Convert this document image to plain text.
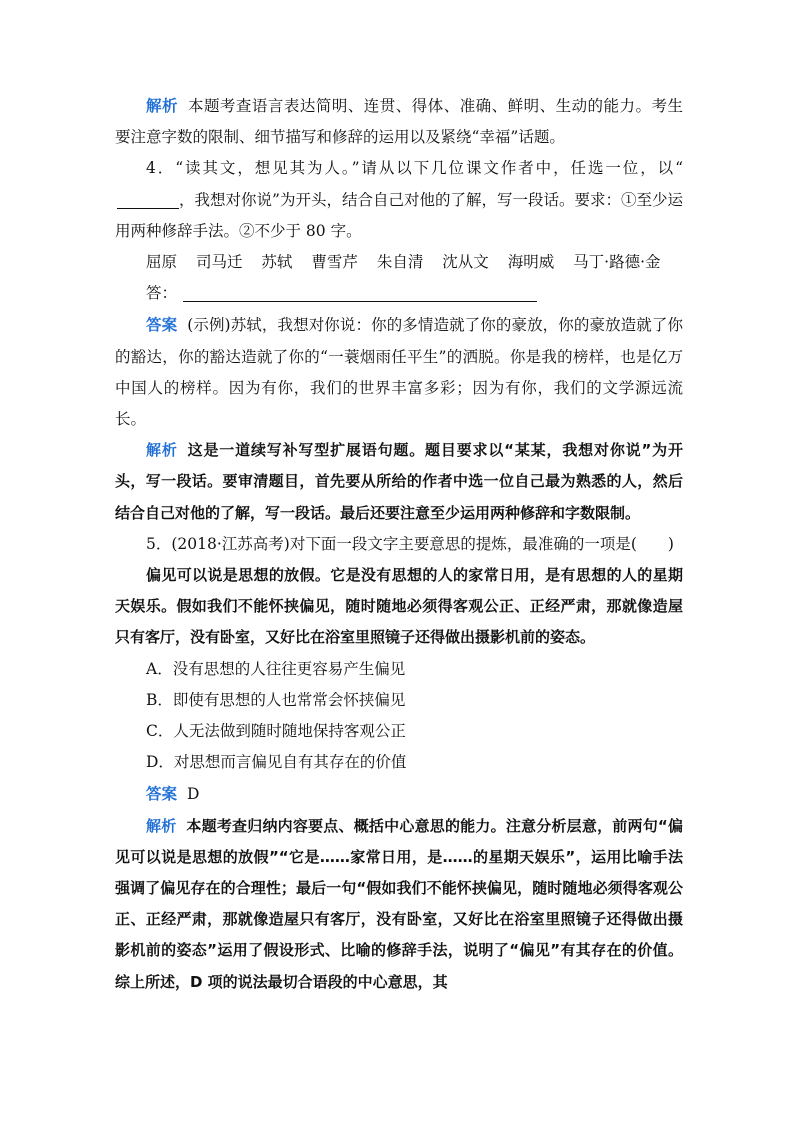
解析 本题考查语言表达简明、连贯、得体、准确、鲜明、生动的能力。考生要注意字数的限制、细节描写和修辞的运用以及紧绕“幸福”话题。

4．“读其文，想见其为人。”请从以下几位课文作者中，任选一位，以“，我想对你说”为开头，结合自己对他的了解，写一段话。要求：①至少运用两种修辞手法。②不少于 80 字。

屈原 司马迁 苏轼 曹雪芹 朱自清 沈从文 海明威 马丁·路德·金

答：

答案 (示例)苏轼，我想对你说：你的多情造就了你的豪放，你的豪放造就了你的豁达，你的豁达造就了你的“一蓑烟雨任平生”的洒脱。你是我的榜样，也是亿万中国人的榜样。因为有你，我们的世界丰富多彩；因为有你，我们的文学源远流长。

解析 这是一道续写补写型扩展语句题。题目要求以“某某，我想对你说”为开头，写一段话。要审清题目，首先要从所给的作者中选一位自己最为熟悉的人，然后结合自己对他的了解，写一段话。最后还要注意至少运用两种修辞和字数限制。

5．(2018·江苏高考)对下面一段文字主要意思的提炼，最准确的一项是(　　)

偏见可以说是思想的放假。它是没有思想的人的家常日用，是有思想的人的星期天娱乐。假如我们不能怀挟偏见，随时随地必须得客观公正、正经严肃，那就像造屋只有客厅，没有卧室，又好比在浴室里照镜子还得做出摄影机前的姿态。

A．没有思想的人往往更容易产生偏见

B．即使有思想的人也常常会怀挟偏见

C．人无法做到随时随地保持客观公正

D．对思想而言偏见自有其存在的价值

答案 D

解析 本题考查归纳内容要点、概括中心意思的能力。注意分析层意，前两句“偏见可以说是思想的放假”“它是……家常日用，是……的星期天娱乐”，运用比喻手法强调了偏见存在的合理性；最后一句“假如我们不能怀挟偏见，随时随地必须得客观公正、正经严肃，那就像造屋只有客厅，没有卧室，又好比在浴室里照镜子还得做出摄影机前的姿态”运用了假设形式、比喻的修辞手法，说明了“偏见”有其存在的价值。综上所述，D 项的说法最切合语段的中心意思，其
